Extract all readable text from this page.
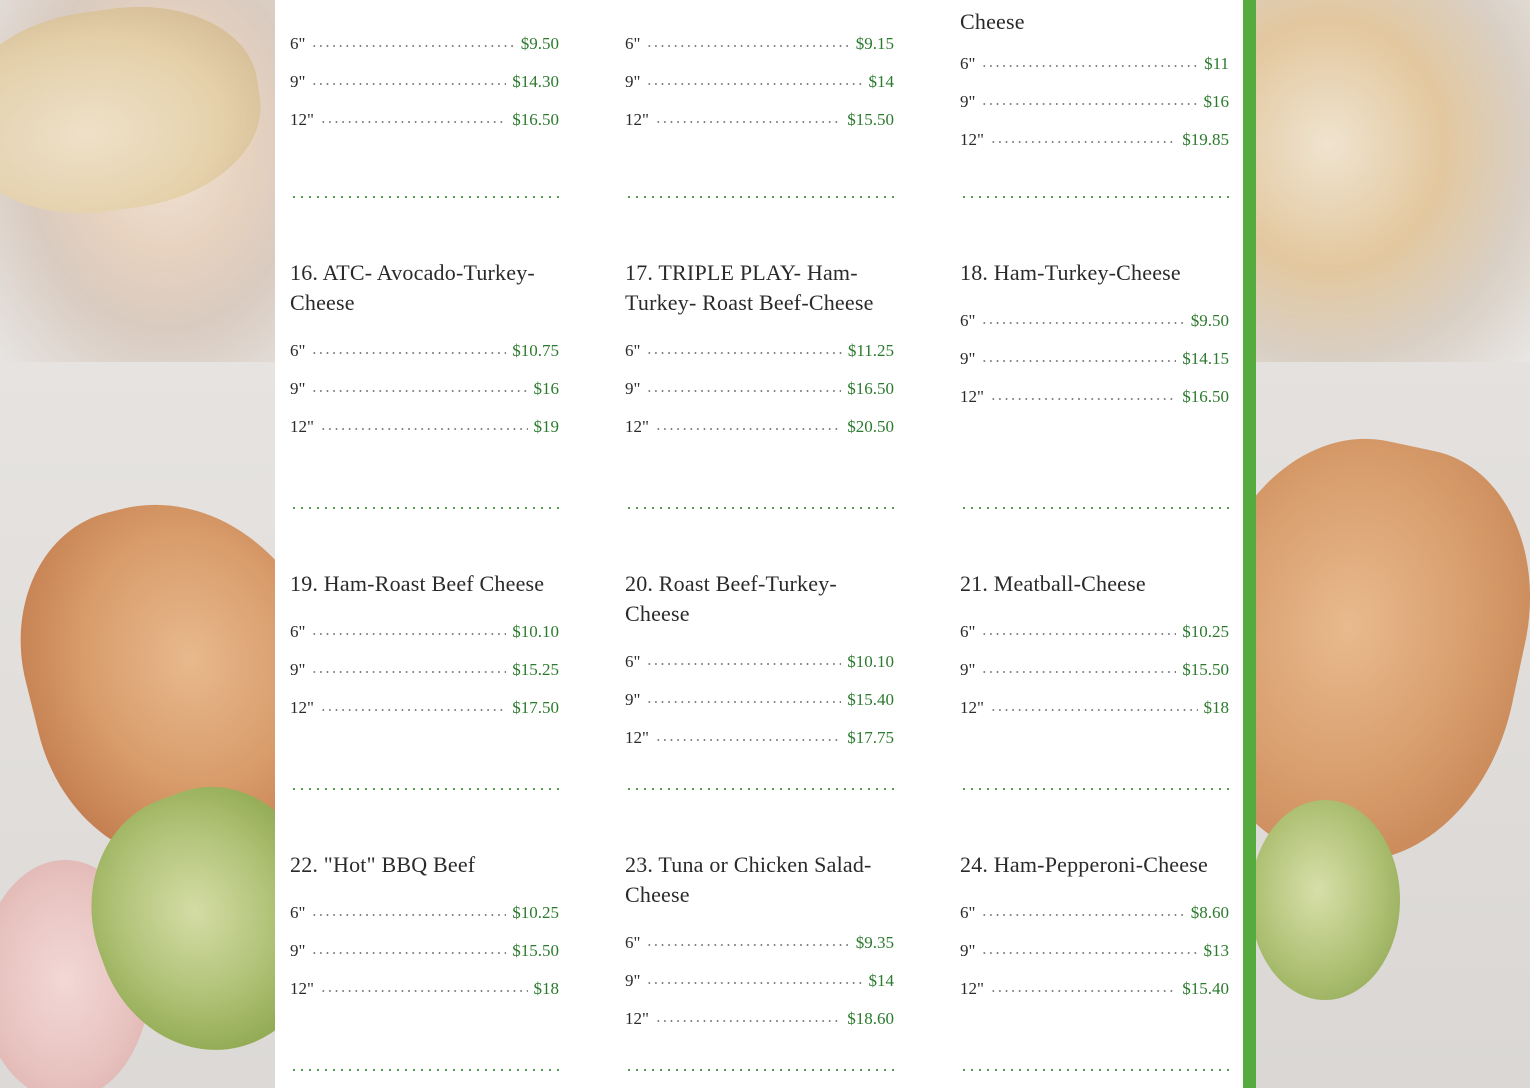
6"	$9.50
9"	$14.30
12"	$16.50
6"	$9.15
9"	$14
12"	$15.50
Cheese
6"	$11
9"	$16
12"	$19.85
16. ATC- Avocado-Turkey-Cheese
6"	$10.75
9"	$16
12"	$19
17. TRIPLE PLAY- Ham-Turkey- Roast Beef-Cheese
6"	$11.25
9"	$16.50
12"	$20.50
18. Ham-Turkey-Cheese
6"	$9.50
9"	$14.15
12"	$16.50
19. Ham-Roast Beef Cheese
6"	$10.10
9"	$15.25
12"	$17.50
20. Roast Beef-Turkey-Cheese
6"	$10.10
9"	$15.40
12"	$17.75
21. Meatball-Cheese
6"	$10.25
9"	$15.50
12"	$18
22. "Hot" BBQ Beef
6"	$10.25
9"	$15.50
12"	$18
23. Tuna or Chicken Salad-Cheese
6"	$9.35
9"	$14
12"	$18.60
24. Ham-Pepperoni-Cheese
6"	$8.60
9"	$13
12"	$15.40
